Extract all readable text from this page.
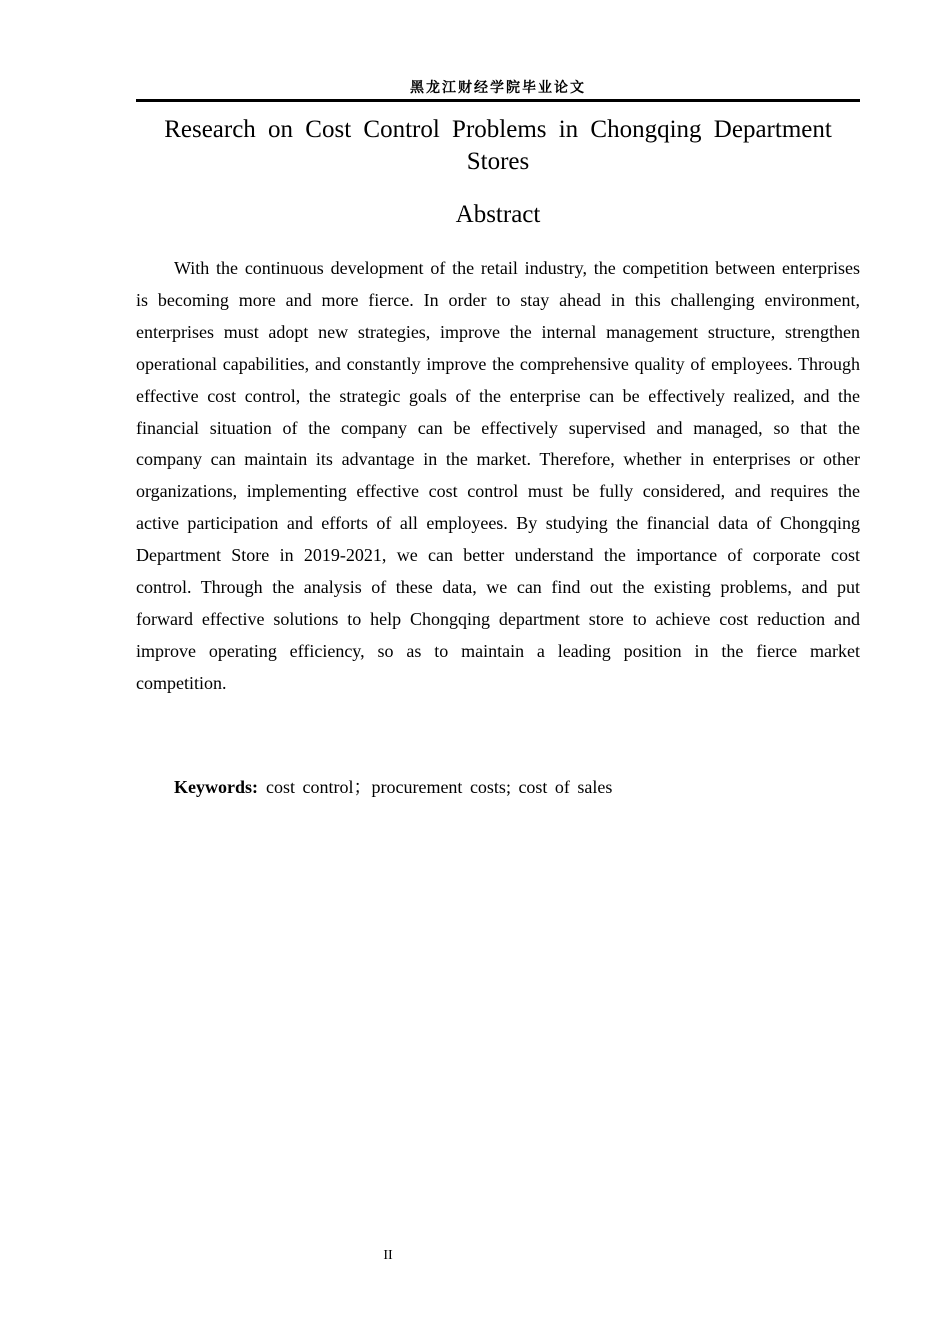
黑龙江财经学院毕业论文
Research on Cost Control Problems in Chongqing Department Stores
Abstract

With the continuous development of the retail industry, the competition between enterprises is becoming more and more fierce. In order to stay ahead in this challenging environment, enterprises must adopt new strategies, improve the internal management structure, strengthen operational capabilities, and constantly improve the comprehensive quality of employees. Through effective cost control, the strategic goals of the enterprise can be effectively realized, and the financial situation of the company can be effectively supervised and managed, so that the company can maintain its advantage in the market. Therefore, whether in enterprises or other organizations, implementing effective cost control must be fully considered, and requires the active participation and efforts of all employees. By studying the financial data of Chongqing Department Store in 2019-2021, we can better understand the importance of corporate cost control. Through the analysis of these data, we can find out the existing problems, and put forward effective solutions to help Chongqing department store to achieve cost reduction and improve operating efficiency, so as to maintain a leading position in the fierce market competition.

Keywords: cost control；procurement costs; cost of sales

II
